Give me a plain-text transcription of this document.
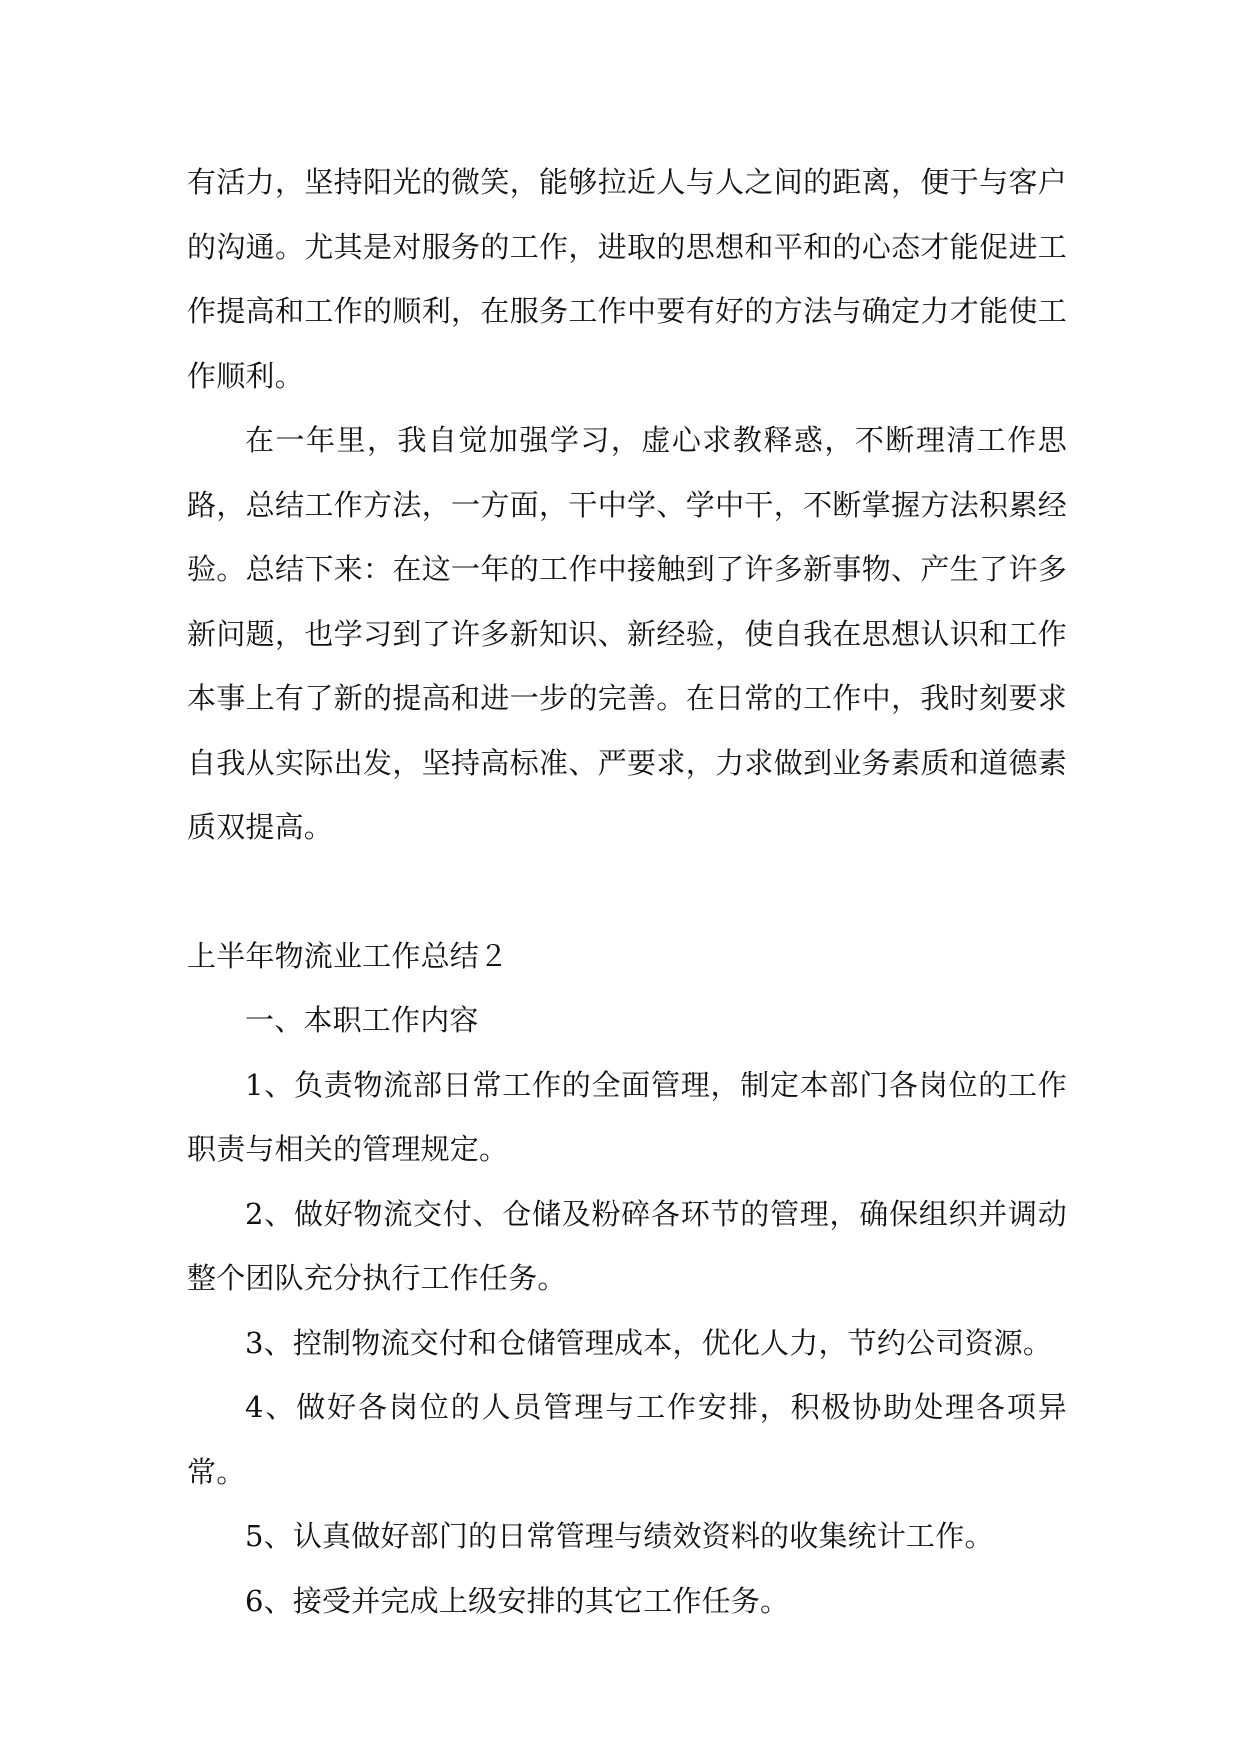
有活力，坚持阳光的微笑，能够拉近人与人之间的距离，便于与客户的沟通。尤其是对服务的工作，进取的思想和平和的心态才能促进工作提高和工作的顺利，在服务工作中要有好的方法与确定力才能使工作顺利。

在一年里，我自觉加强学习，虚心求教释惑，不断理清工作思路，总结工作方法，一方面，干中学、学中干，不断掌握方法积累经验。总结下来：在这一年的工作中接触到了许多新事物、产生了许多新问题，也学习到了许多新知识、新经验，使自我在思想认识和工作本事上有了新的提高和进一步的完善。在日常的工作中，我时刻要求自我从实际出发，坚持高标准、严要求，力求做到业务素质和道德素质双提高。

上半年物流业工作总结２

一、本职工作内容

1、负责物流部日常工作的全面管理，制定本部门各岗位的工作职责与相关的管理规定。

2、做好物流交付、仓储及粉碎各环节的管理，确保组织并调动整个团队充分执行工作任务。

3、控制物流交付和仓储管理成本，优化人力，节约公司资源。

4、做好各岗位的人员管理与工作安排，积极协助处理各项异常。

5、认真做好部门的日常管理与绩效资料的收集统计工作。

6、接受并完成上级安排的其它工作任务。
